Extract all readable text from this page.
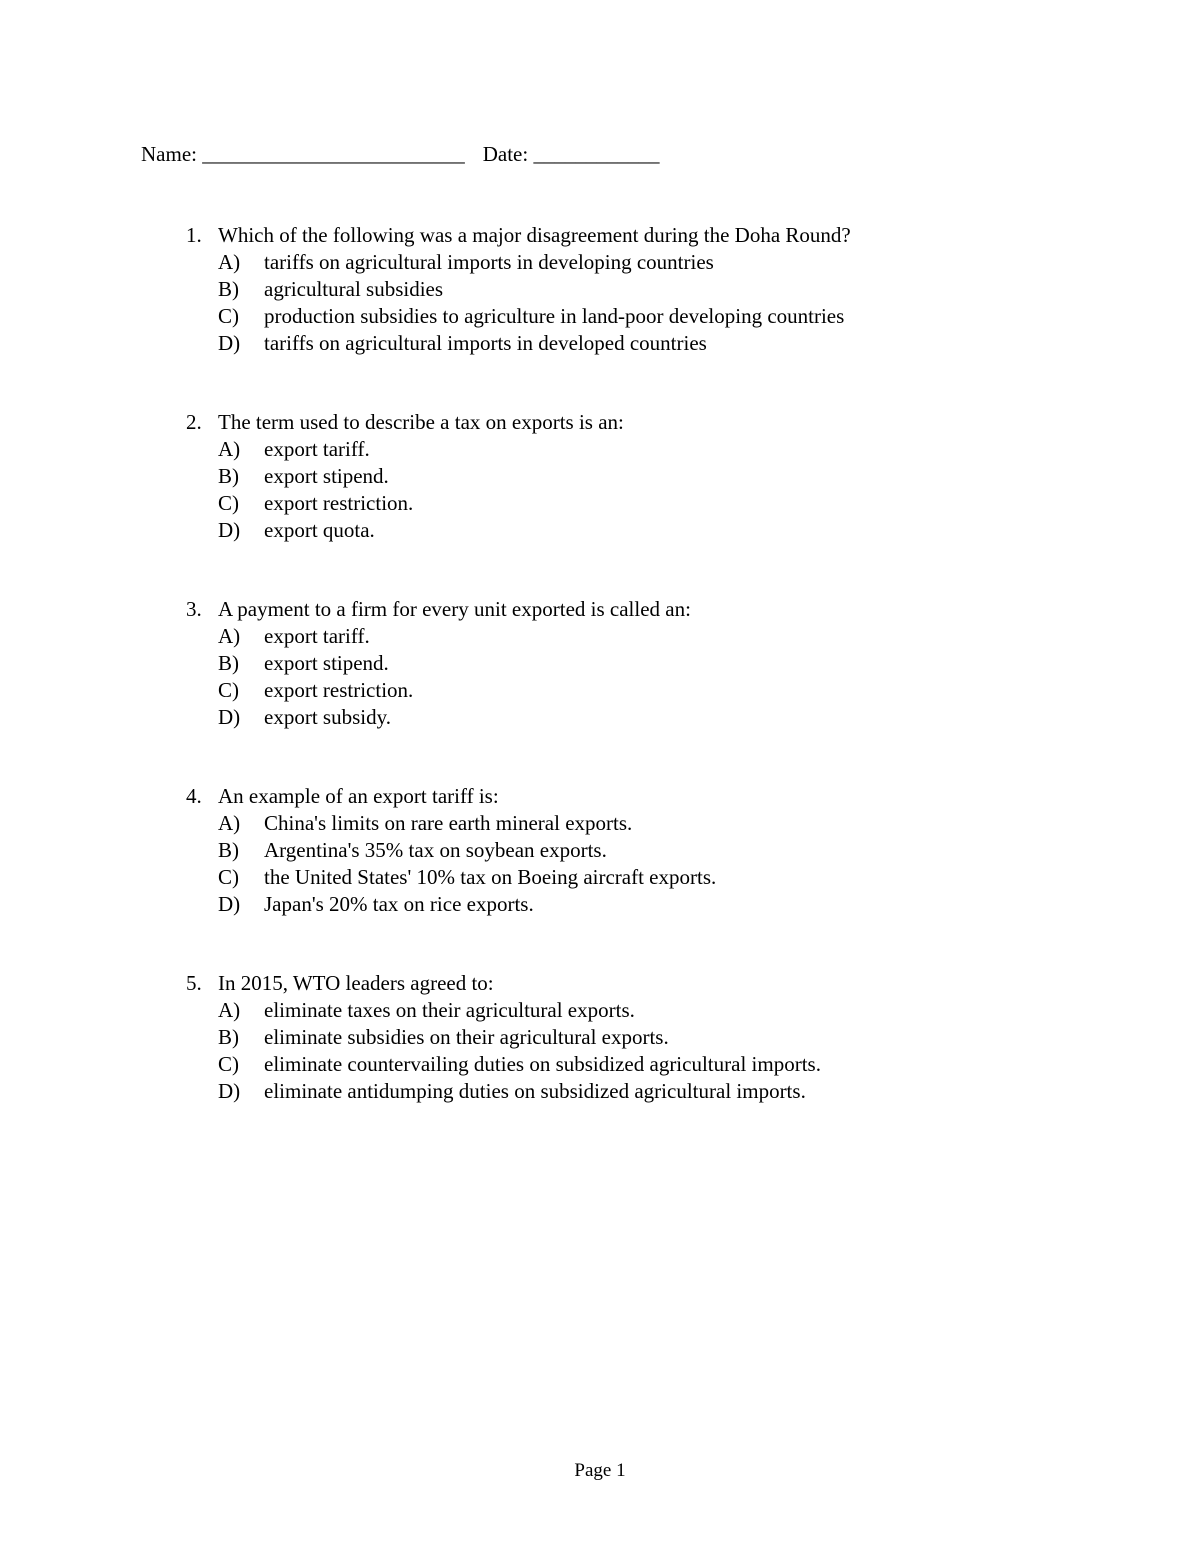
Name: _________________________ Date: ____________
1. Which of the following was a major disagreement during the Doha Round?
A)	tariffs on agricultural imports in developing countries
B)	agricultural subsidies
C)	production subsidies to agriculture in land-poor developing countries
D)	tariffs on agricultural imports in developed countries
2. The term used to describe a tax on exports is an:
A)	export tariff.
B)	export stipend.
C)	export restriction.
D)	export quota.
3. A payment to a firm for every unit exported is called an:
A)	export tariff.
B)	export stipend.
C)	export restriction.
D)	export subsidy.
4. An example of an export tariff is:
A)	China's limits on rare earth mineral exports.
B)	Argentina's 35% tax on soybean exports.
C)	the United States' 10% tax on Boeing aircraft exports.
D)	Japan's 20% tax on rice exports.
5. In 2015, WTO leaders agreed to:
A)	eliminate taxes on their agricultural exports.
B)	eliminate subsidies on their agricultural exports.
C)	eliminate countervailing duties on subsidized agricultural imports.
D)	eliminate antidumping duties on subsidized agricultural imports.
Page 1
